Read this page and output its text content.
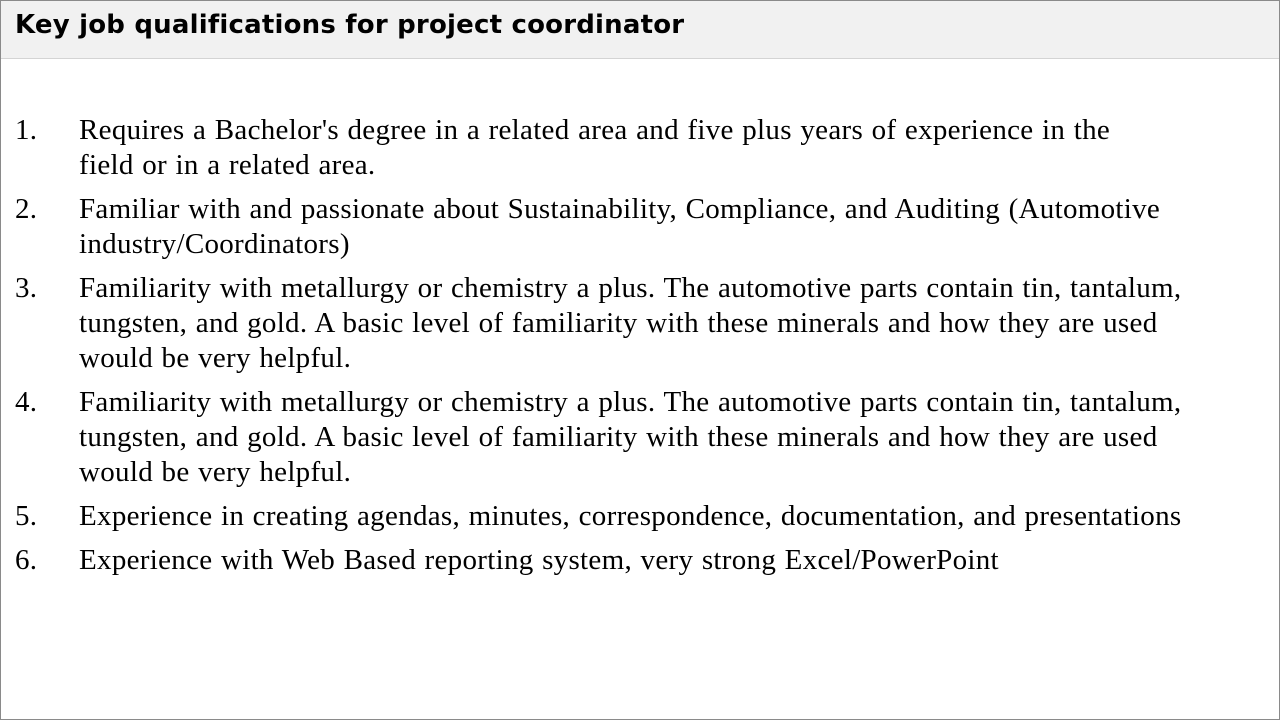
Key job qualifications for project coordinator
1. Requires a Bachelor's degree in a related area and five plus years of experience in the field or in a related area.
2. Familiar with and passionate about Sustainability, Compliance, and Auditing (Automotive industry/Coordinators)
3. Familiarity with metallurgy or chemistry a plus. The automotive parts contain tin, tantalum, tungsten, and gold. A basic level of familiarity with these minerals and how they are used would be very helpful.
4. Familiarity with metallurgy or chemistry a plus. The automotive parts contain tin, tantalum, tungsten, and gold. A basic level of familiarity with these minerals and how they are used would be very helpful.
5. Experience in creating agendas, minutes, correspondence, documentation, and presentations
6. Experience with Web Based reporting system, very strong Excel/PowerPoint
